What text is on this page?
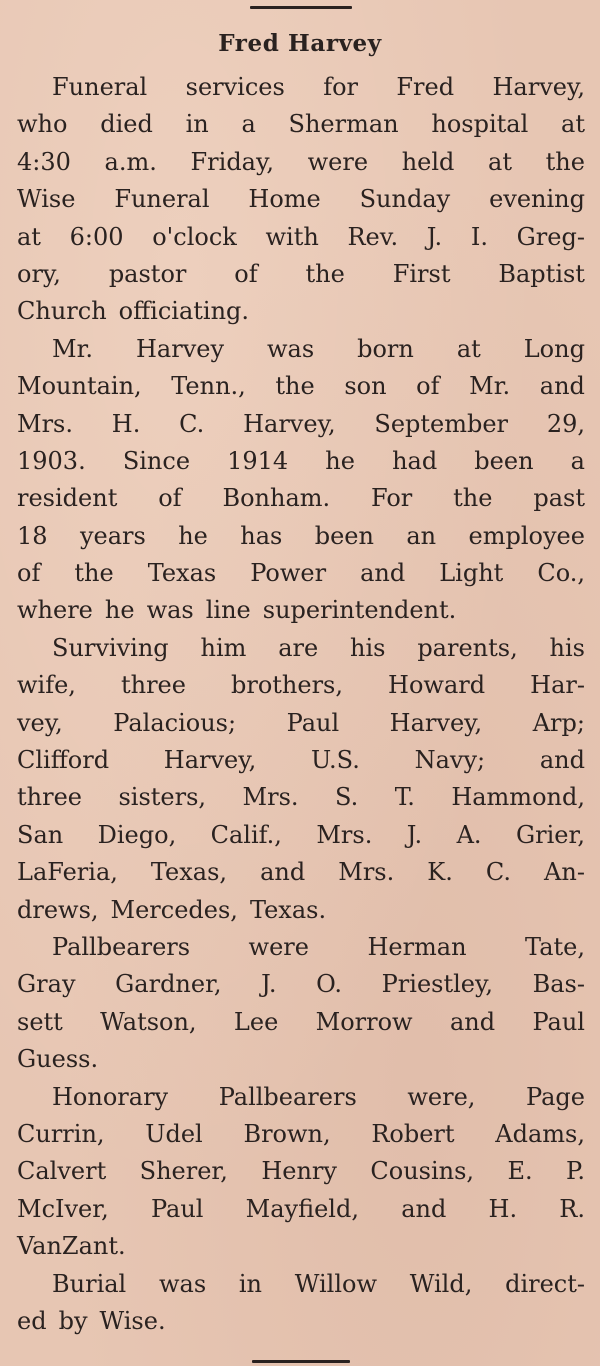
Fred Harvey
Funeral services for Fred Harvey,
who died in a Sherman hospital at
4:30 a.m. Friday, were held at the
Wise Funeral Home Sunday evening
at 6:00 o'clock with Rev. J. I. Greg-
ory, pastor of the First Baptist
Church officiating.
Mr. Harvey was born at Long
Mountain, Tenn., the son of Mr. and
Mrs. H. C. Harvey, September 29,
1903. Since 1914 he had been a
resident of Bonham. For the past
18 years he has been an employee
of the Texas Power and Light Co.,
where he was line superintendent.
Surviving him are his parents, his
wife, three brothers, Howard Har-
vey, Palacious; Paul Harvey, Arp;
Clifford Harvey, U.S. Navy; and
three sisters, Mrs. S. T. Hammond,
San Diego, Calif., Mrs. J. A. Grier,
LaFeria, Texas, and Mrs. K. C. An-
drews, Mercedes, Texas.
Pallbearers were Herman Tate,
Gray Gardner, J. O. Priestley, Bas-
sett Watson, Lee Morrow and Paul
Guess.
Honorary Pallbearers were, Page
Currin, Udel Brown, Robert Adams,
Calvert Sherer, Henry Cousins, E. P.
McIver, Paul Mayfield, and H. R.
VanZant.
Burial was in Willow Wild, direct-
ed by Wise.
